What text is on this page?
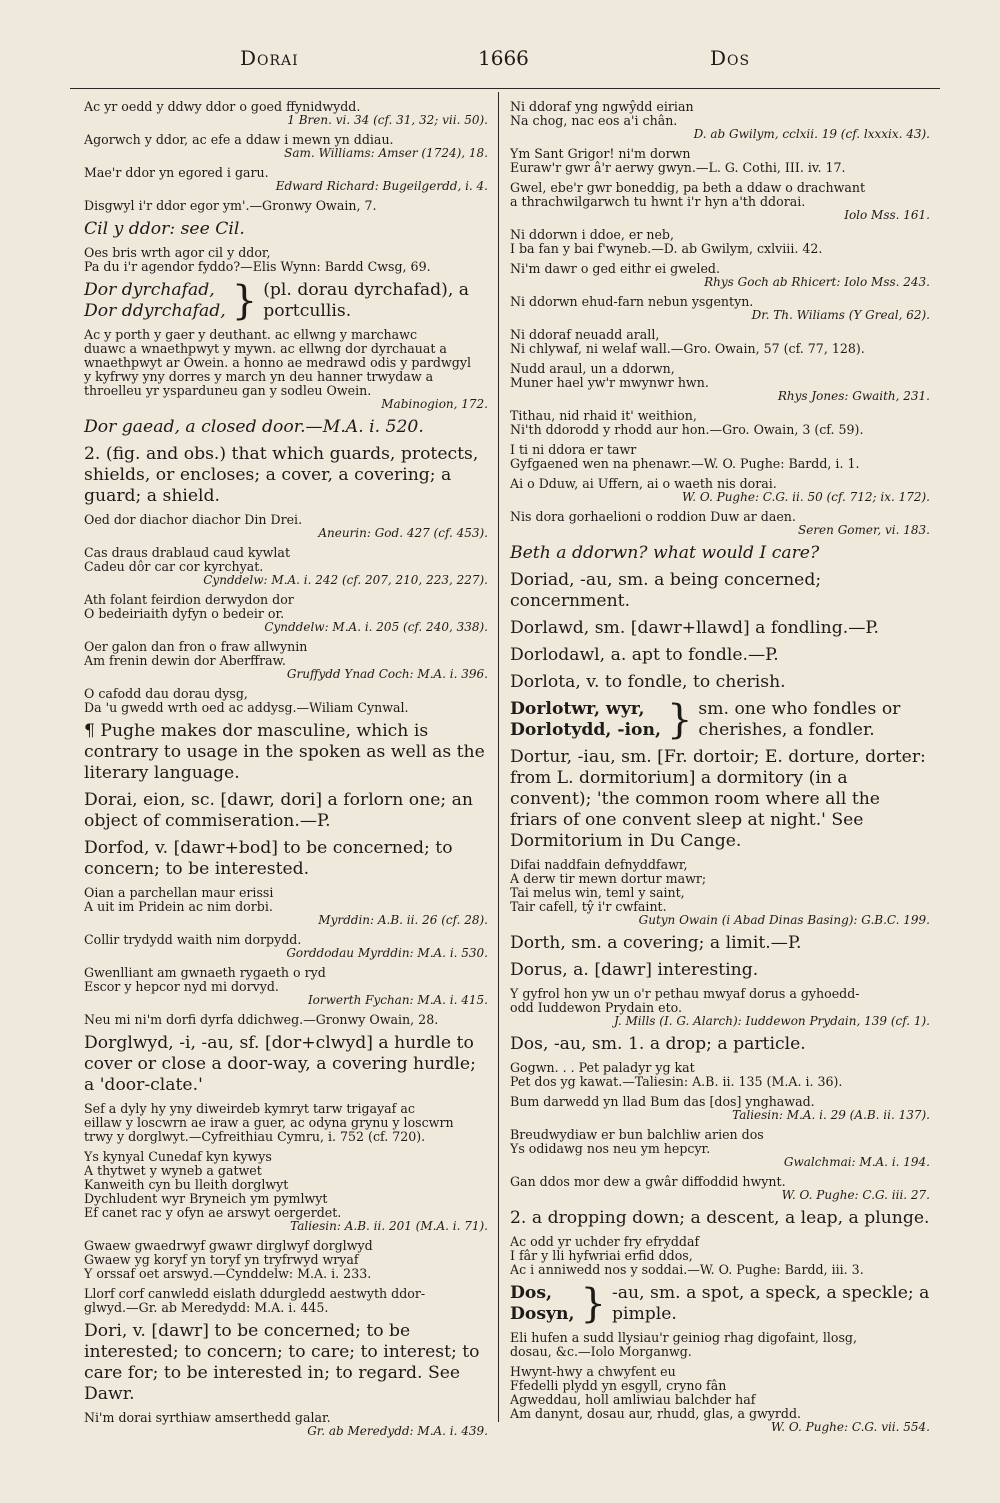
Dorai	1666	Dos
Ac yr oedd y ddwy ddor o goed ffynidwydd.
1 Bren. vi. 34 (cf. 31, 32; vii. 50).
Agorwch y ddor, ac efe a ddaw i mewn yn ddiau.
Sam. Williams: Amser (1724), 18.
Mae'r ddor yn egored i garu.
Edward Richard: Bugeilgerdd, i. 4.
Disgwyl i'r ddor egor ym'.—Gronwy Owain, 7.
Cil y ddor: see Cil.
Oes bris wrth agor cil y ddor,
Pa du i'r agendor fyddo?—Elis Wynn: Bardd Cwsg, 69.
Dor dyrchafad,
Dor ddyrchafad, } (pl. dorau dyrchafad), a portcullis.
Ac y porth y gaer y deuthant. ac ellwng y marchawc
duawc a wnaethpwyt y mywn. ac ellwng dor dyrchauat a
wnaethpwyt ar Owein. a honno ae medrawd odis y pardwgyl
y kyfrwy yny dorres y march yn deu hanner trwydaw a
throelleu yr ysparduneu gan y sodleu Owein.
Mabinogion, 172.
Dor gaead, a closed door.—M.A. i. 520.
2. (fig. and obs.) that which guards, protects, shields, or encloses; a cover, a covering; a guard; a shield.
Oed dor diachor diachor Din Drei.
Aneurin: God. 427 (cf. 453).
Cas draus drablaud caud kywlat
Cadeu dôr car cor kyrchyat.
Cynddelw: M.A. i. 242 (cf. 207, 210, 223, 227).
Ath folant feirdion derwydon dor
O bedeiriaith dyfyn o bedeir or.
Cynddelw: M.A. i. 205 (cf. 240, 338).
Oer galon dan fron o fraw allwynin
Am frenin dewin dor Aberffraw.
Gruffydd Ynad Coch: M.A. i. 396.
O cafodd dau dorau dysg,
Da 'u gwedd wrth oed ac addysg.—Wiliam Cynwal.
¶ Pughe makes dor masculine, which is contrary to usage in the spoken as well as the literary language.
Dorai, eion, sc. [dawr, dori] a forlorn one; an object of commiseration.—P.
Dorfod, v. [dawr+bod] to be concerned; to concern; to be interested.
Oian a parchellan maur erissi
A uit im Pridein ac nim dorbi.
Myrddin: A.B. ii. 26 (cf. 28).
Collir trydydd waith nim dorpydd.
Gorddodau Myrddin: M.A. i. 530.
Gwenlliant am gwnaeth rygaeth o ryd
Escor y hepcor nyd mi dorvyd.
Iorwerth Fychan: M.A. i. 415.
Neu mi ni'm dorfi dyrfa ddichweg.—Gronwy Owain, 28.
Dorglwyd, -i, -au, sf. [dor+clwyd] a hurdle to cover or close a door-way, a covering hurdle; a 'door-clate.'
Sef a dyly hy yny diweirdeb kymryt tarw trigayaf ac
eillaw y loscwrn ae iraw a guer, ac odyna grynu y loscwrn
trwy y dorglwyt.—Cyfreithiau Cymru, i. 752 (cf. 720).
Ys kynyal Cunedaf kyn kywys
A thytwet y wyneb a gatwet
Kanweith cyn bu lleith dorglwyt
Dychludent wyr Bryneich ym pymlwyt
Ef canet rac y ofyn ae arswyt oergerdet.
Taliesin: A.B. ii. 201 (M.A. i. 71).
Gwaew gwaedrwyf gwawr dirglwyf dorglwyd
Gwaew yg koryf yn toryf yn tryfrwyd wryaf
Y orssaf oet arswyd.—Cynddelw: M.A. i. 233.
Llorf corf canwledd eislath ddurgledd aestwyth ddor-
glwyd.—Gr. ab Meredydd: M.A. i. 445.
Dori, v. [dawr] to be concerned; to be interested; to concern; to care; to interest; to care for; to be interested in; to regard. See Dawr.
Ni'm dorai syrthiaw amserthedd galar.
Gr. ab Meredydd: M.A. i. 439.
Ni ddoraf yng ngwŷdd eirian
Na chog, nac eos a'i chân.
D. ab Gwilym, cclxii. 19 (cf. lxxxix. 43).
Ym Sant Grigor! ni'm dorwn
Euraw'r gwr â'r aerwy gwyn.—L. G. Cothi, III. iv. 17.
Gwel, ebe'r gwr boneddig, pa beth a ddaw o drachwant
a thrachwilgarwch tu hwnt i'r hyn a'th ddorai.
Iolo Mss. 161.
Ni ddorwn i ddoe, er neb,
I ba fan y bai f'wyneb.—D. ab Gwilym, cxlviii. 42.
Ni'm dawr o ged eithr ei gweled.
Rhys Goch ab Rhicert: Iolo Mss. 243.
Ni ddorwn ehud-farn nebun ysgentyn.
Dr. Th. Wiliams (Y Greal, 62).
Ni ddoraf neuadd arall,
Ni chlywaf, ni welaf wall.—Gro. Owain, 57 (cf. 77, 128).
Nudd araul, un a ddorwn,
Muner hael yw'r mwynwr hwn.
Rhys Jones: Gwaith, 231.
Tithau, nid rhaid it' weithion,
Ni'th ddorodd y rhodd aur hon.—Gro. Owain, 3 (cf. 59).
I ti ni ddora er tawr
Gyfgaened wen na phenawr.—W. O. Pughe: Bardd, i. 1.
Ai o Dduw, ai Uffern, ai o waeth nis dorai.
W. O. Pughe: C.G. ii. 50 (cf. 712; ix. 172).
Nis dora gorhaelioni o roddion Duw ar daen.
Seren Gomer, vi. 183.
Beth a ddorwn? what would I care?
Doriad, -au, sm. a being concerned; concernment.
Dorlawd, sm. [dawr+llawd] a fondling.—P.
Dorlodawl, a. apt to fondle.—P.
Dorlota, v. to fondle, to cherish.
Dorlotwr, wyr,
Dorlotydd, -ion, } sm. one who fondles or cherishes, a fondler.
Dortur, -iau, sm. [Fr. dortoir; E. dorture, dorter: from L. dormitorium] a dormitory (in a convent); 'the common room where all the friars of one convent sleep at night.' See Dormitorium in Du Cange.
Difai naddfain defnyddfawr,
A derw tir mewn dortur mawr;
Tai melus win, teml y saint,
Tair cafell, tŷ i'r cwfaint.
Gutyn Owain (i Abad Dinas Basing): G.B.C. 199.
Dorth, sm. a covering; a limit.—P.
Dorus, a. [dawr] interesting.
Y gyfrol hon yw un o'r pethau mwyaf dorus a gyhoedd-
odd Iuddewon Prydain eto.
J. Mills (I. G. Alarch): Iuddewon Prydain, 139 (cf. 1).
Dos, -au, sm. 1. a drop; a particle.
Gogwn. . . Pet paladyr yg kat
Pet dos yg kawat.—Taliesin: A.B. ii. 135 (M.A. i. 36).
Bum darwedd yn llad Bum das [dos] ynghawad.
Taliesin: M.A. i. 29 (A.B. ii. 137).
Breudwydiaw er bun balchliw arien dos
Ys odidawg nos neu ym hepcyr.
Gwalchmai: M.A. i. 194.
Gan ddos mor dew a gwâr diffoddid hwynt.
W. O. Pughe: C.G. iii. 27.
2. a dropping down; a descent, a leap, a plunge.
Ac odd yr uchder fry efryddaf
I fâr y lli hyfwriai erfid ddos,
Ac i anniwedd nos y soddai.—W. O. Pughe: Bardd, iii. 3.
Dos,
Dosyn, } -au, sm. a spot, a speck, a speckle; a pimple.
Eli hufen a sudd llysiau'r geiniog rhag digofaint, llosg,
dosau, &c.—Iolo Morganwg.
Hwynt-hwy a chwyfent eu
Ffedelli plydd yn esgyll, cryno fân
Agweddau, holl amliwiau balchder haf
Am danynt, dosau aur, rhudd, glas, a gwyrdd.
W. O. Pughe: C.G. vii. 554.
